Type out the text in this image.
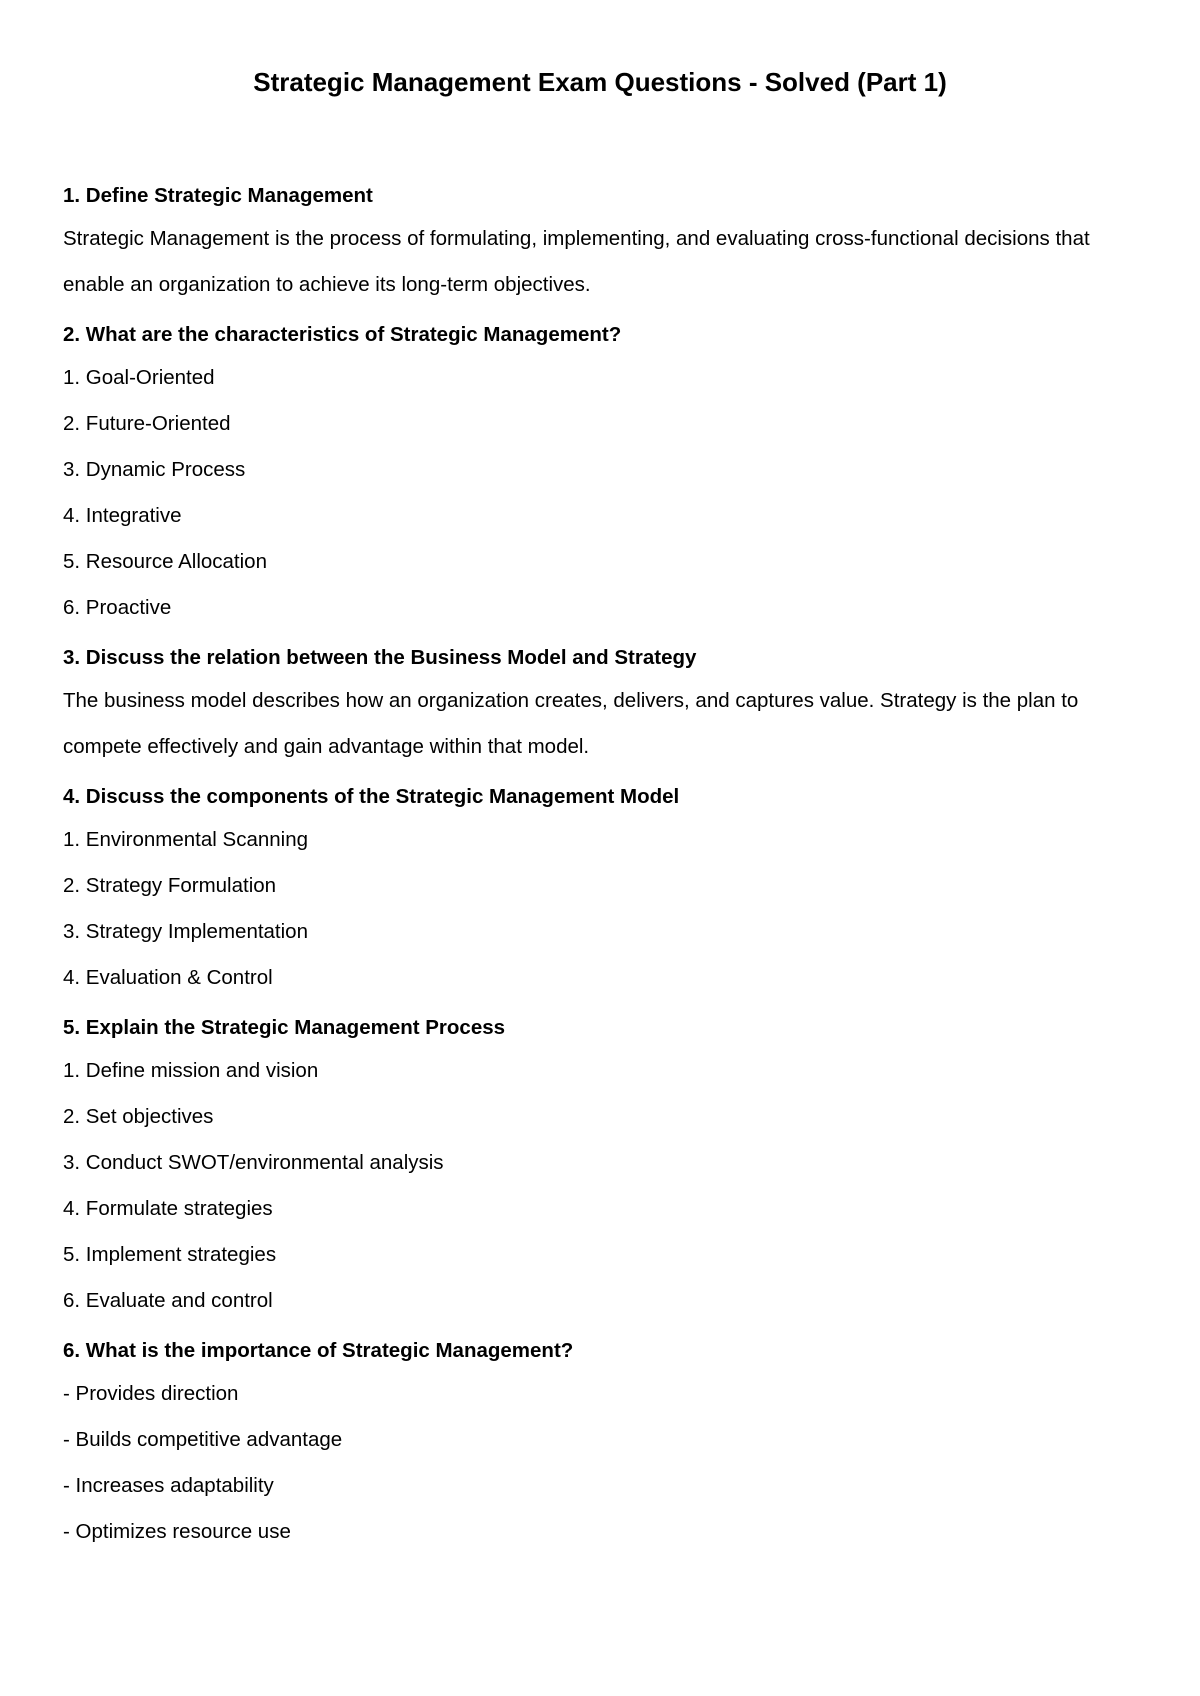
Strategic Management Exam Questions - Solved (Part 1)
1. Define Strategic Management
Strategic Management is the process of formulating, implementing, and evaluating cross-functional decisions that enable an organization to achieve its long-term objectives.
2. What are the characteristics of Strategic Management?
1. Goal-Oriented
2. Future-Oriented
3. Dynamic Process
4. Integrative
5. Resource Allocation
6. Proactive
3. Discuss the relation between the Business Model and Strategy
The business model describes how an organization creates, delivers, and captures value. Strategy is the plan to compete effectively and gain advantage within that model.
4. Discuss the components of the Strategic Management Model
1. Environmental Scanning
2. Strategy Formulation
3. Strategy Implementation
4. Evaluation & Control
5. Explain the Strategic Management Process
1. Define mission and vision
2. Set objectives
3. Conduct SWOT/environmental analysis
4. Formulate strategies
5. Implement strategies
6. Evaluate and control
6. What is the importance of Strategic Management?
- Provides direction
- Builds competitive advantage
- Increases adaptability
- Optimizes resource use
